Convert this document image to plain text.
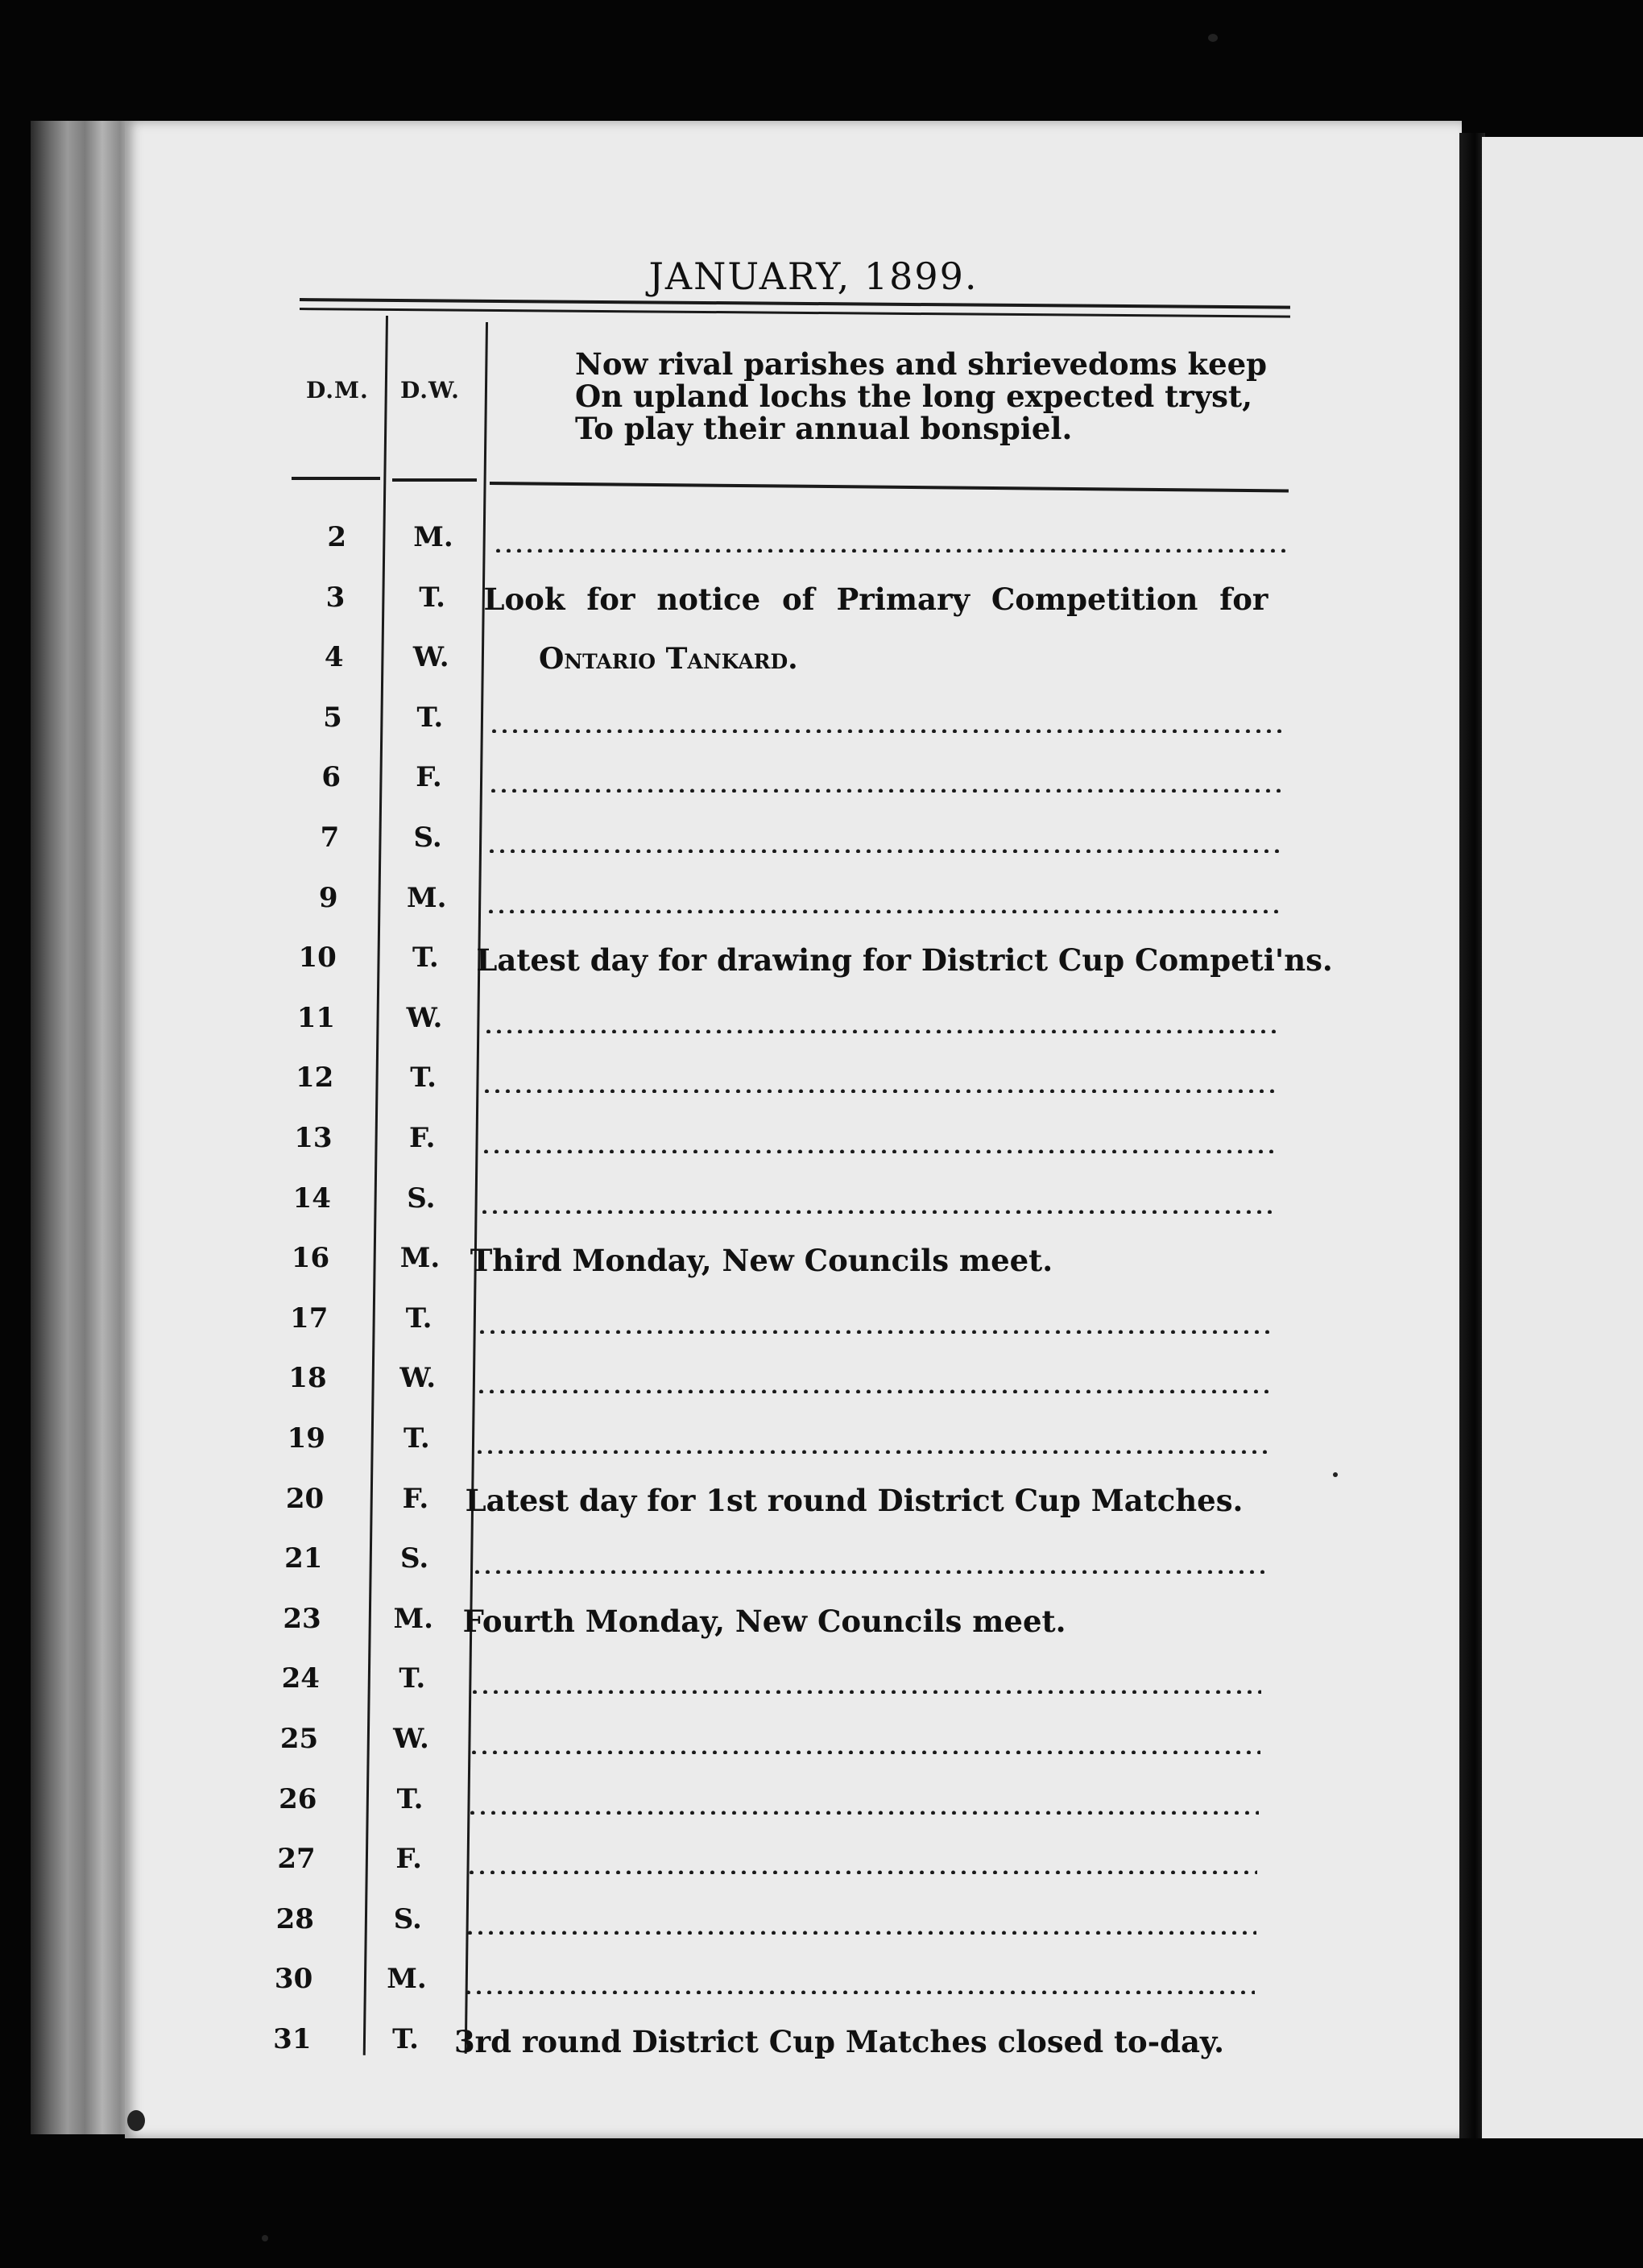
JANUARY, 1899.
D.M. D.W.
Now rival parishes and shrievedoms keep
On upland lochs the long expected tryst,
To play their annual bonspiel.
2	M.
3	T.	Look for notice of Primary Competition for
4	W.	Ontario Tankard.
5	T.
6	F.
7	S.
9	M.
10	T.	Latest day for drawing for District Cup Competi'ns.
11	W.
12	T.
13	F.
14	S.
16	M. Third Monday, New Councils meet.
17	T.
18	W.
19	T.
20	F.	Latest day for 1st round District Cup Matches.
21	S.
23	M. Fourth Monday, New Councils meet.
24	T.
25	W.
26	T.
27	F.
28	S.
30	M.
31	T.	3rd round District Cup Matches closed to-day.
